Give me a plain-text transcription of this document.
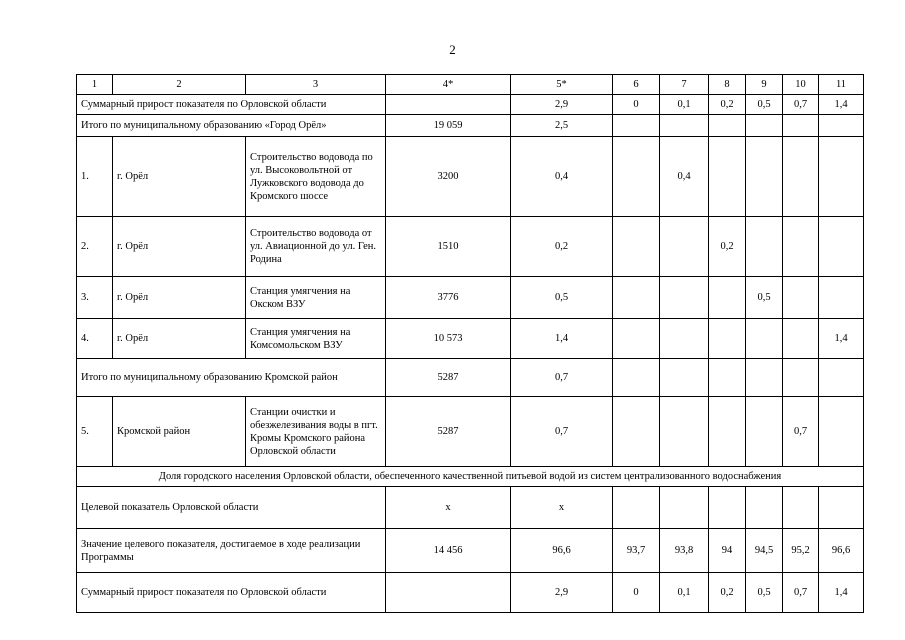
2
1	2	3	4*	5*	6	7	8	9	10	11
Суммарный прирост показателя по Орловской области				2,9	0	0,1	0,2	0,5	0,7	1,4
Итого по муниципальному образованию «Город Орёл»			19 059	2,5						
1.	г. Орёл	Строительство водовода по ул. Высоковольтной от Лужковского водовода до Кромского шоссе	3200	0,4		0,4				
2.	г. Орёл	Строительство водовода от ул. Авиационной до ул. Ген. Родина	1510	0,2			0,2			
3.	г. Орёл	Станция умягчения на Окском ВЗУ	3776	0,5				0,5		
4.	г. Орёл	Станция умягчения на Комсомольском ВЗУ	10 573	1,4						1,4
Итого по муниципальному образованию Кромской район			5287	0,7						
5.	Кромской район	Станции очистки и обезжелезивания воды в пгт. Кромы Кромского района Орловской области	5287	0,7					0,7	
Доля городского населения Орловской области, обеспеченного качественной питьевой водой из систем централизованного водоснабжения										
Целевой показатель Орловской области			х	х						
Значение целевого показателя, достигаемое в ходе реализации Программы			14 456	96,6	93,7	93,8	94	94,5	95,2	96,6
Суммарный прирост показателя по Орловской области				2,9	0	0,1	0,2	0,5	0,7	1,4
